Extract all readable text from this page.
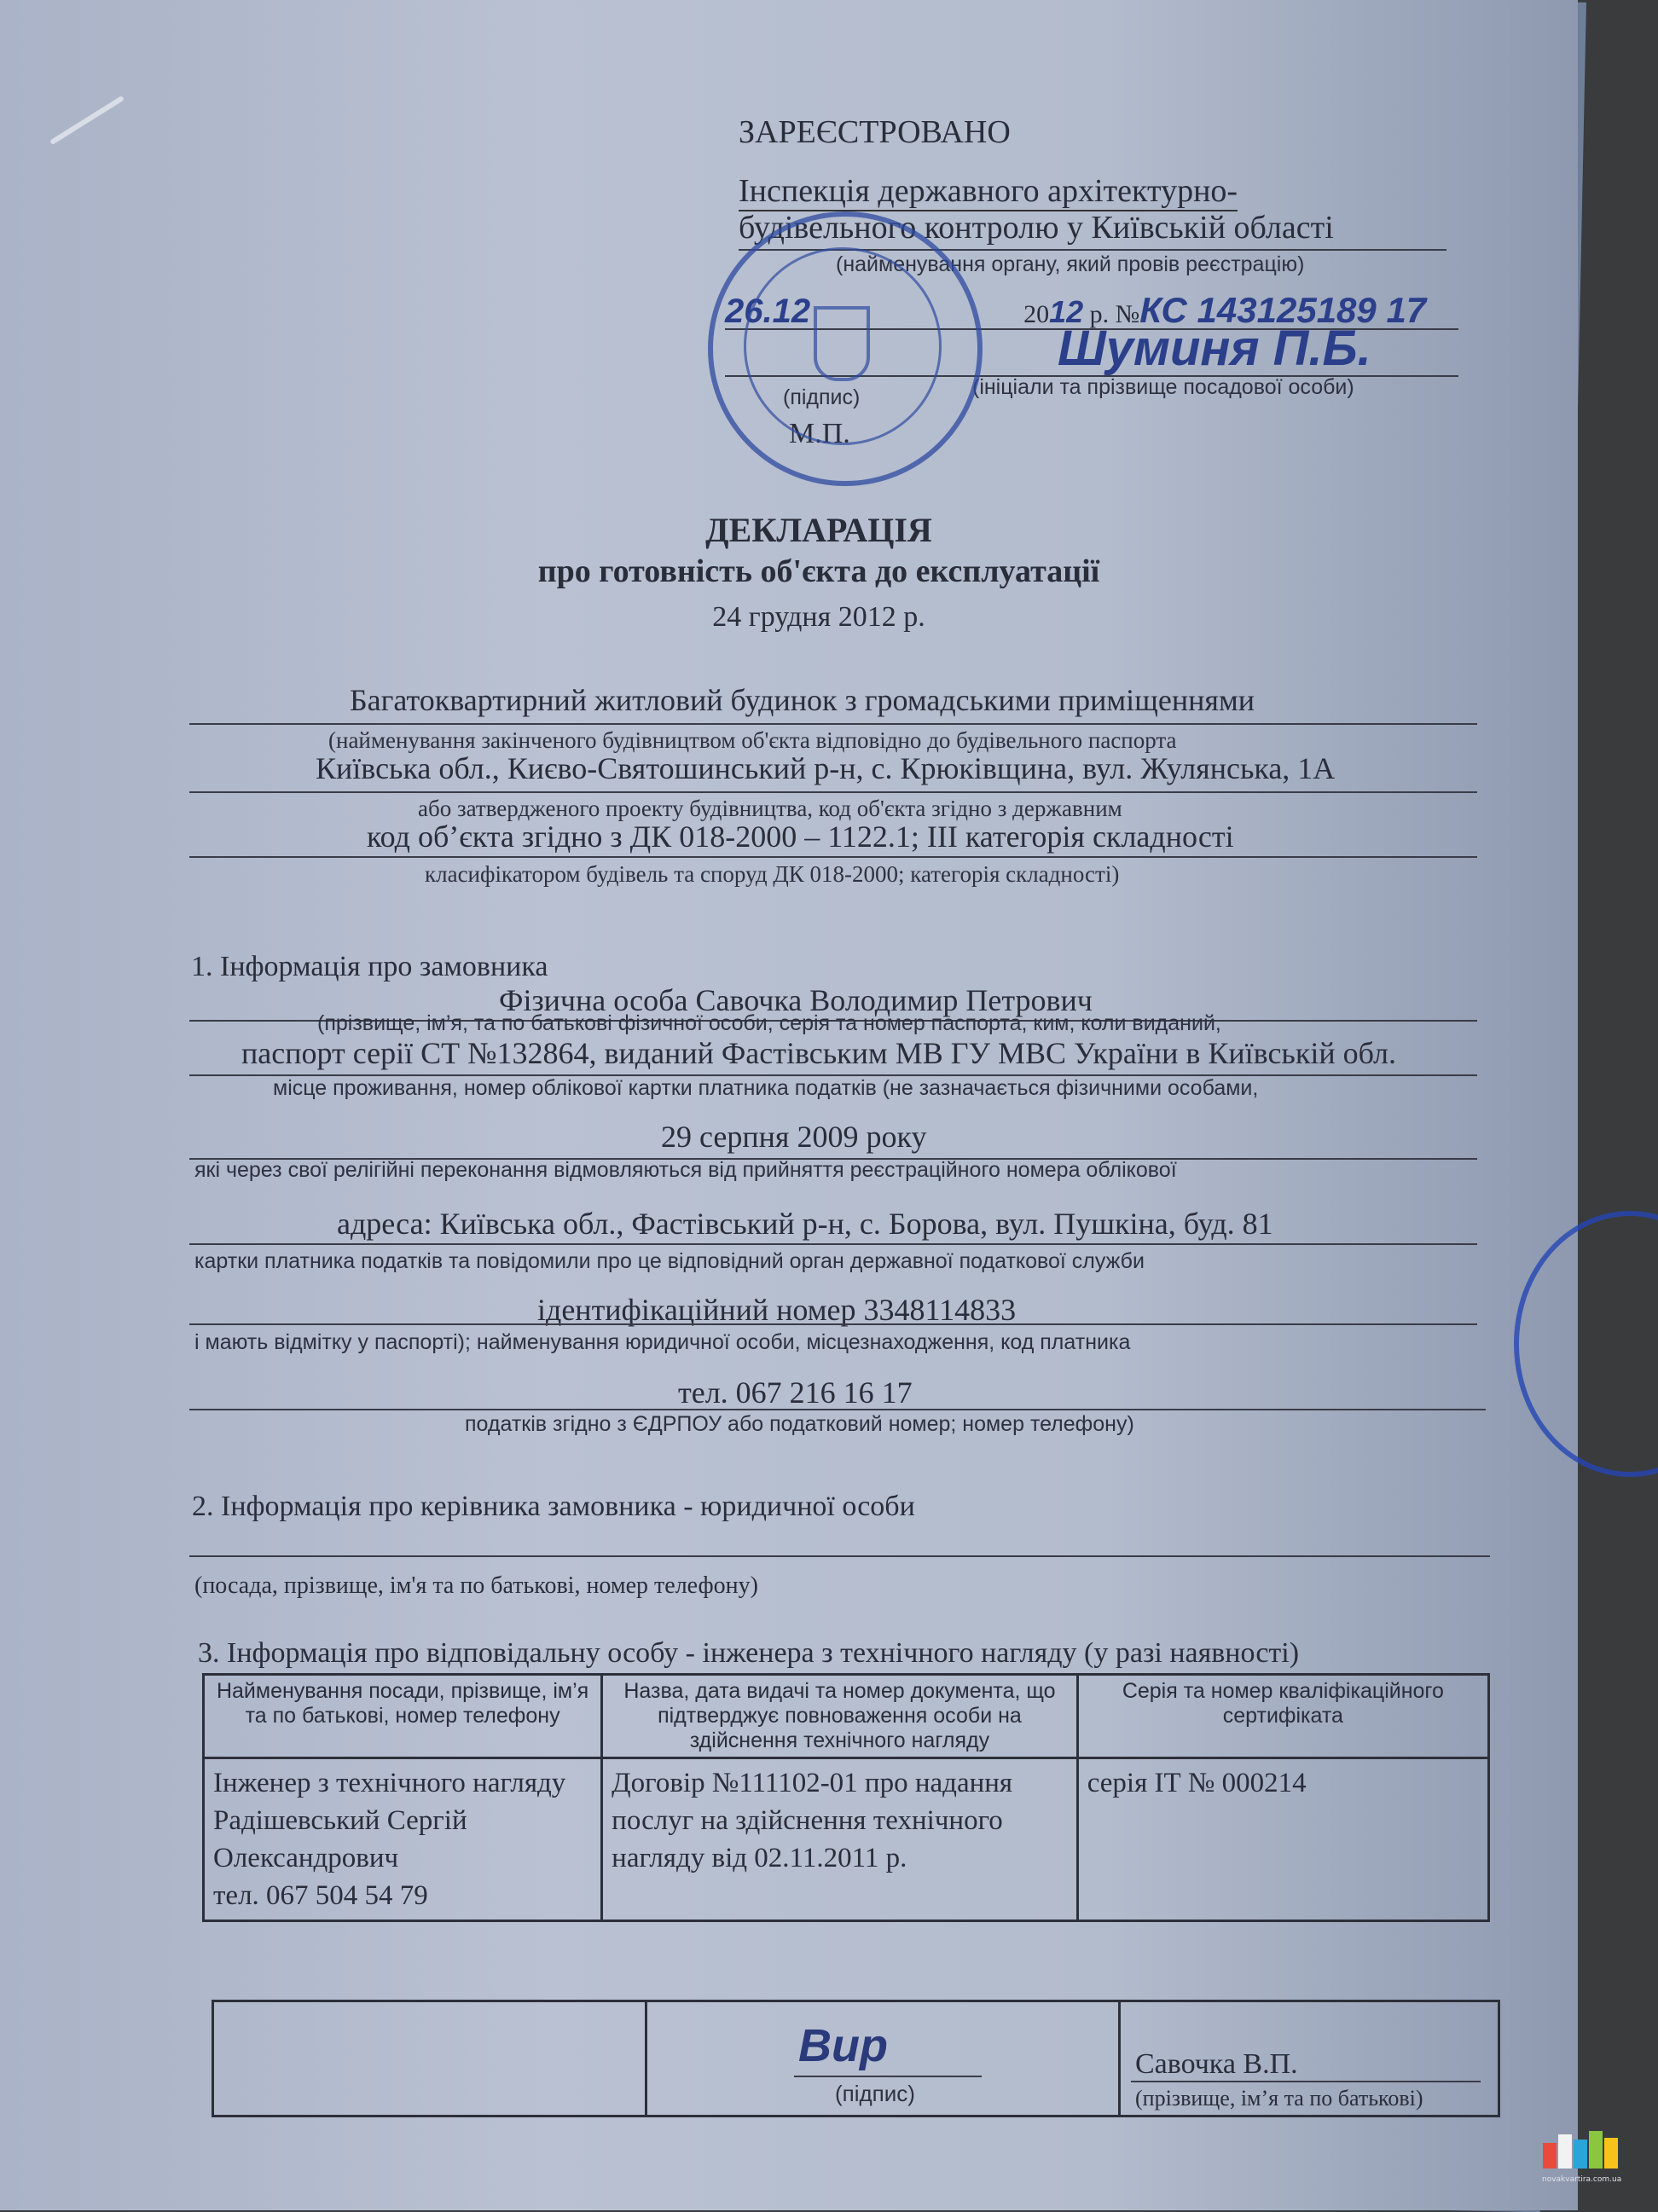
ЗАРЕЄСТРОВАНО
Інспекція державного архітектурно-
будівельного контролю у Київській області
(найменування органу, який провів реєстрацію)
26.12	2012 р. №КС 143125189 17
Шуминя П.Б.
(підпис)	(ініціали та прізвище посадової особи)
М.П.
ДЕКЛАРАЦІЯ
про готовність об'єкта до експлуатації
24 грудня 2012 р.
Багатоквартирний житловий будинок з громадськими приміщеннями
(найменування закінченого будівництвом об'єкта відповідно до будівельного паспорта
Київська обл., Києво-Святошинський р-н, с. Крюківщина, вул. Жулянська, 1А
або затвердженого проекту будівництва, код об'єкта згідно з державним
код об’єкта згідно з ДК 018-2000 – 1122.1; ІІІ категорія складності
класифікатором будівель та споруд ДК 018-2000; категорія складності)
1. Інформація про замовника
Фізична особа Савочка Володимир Петрович
(прізвище, ім’я, та по батькові фізичної особи, серія та номер паспорта, ким, коли виданий,
паспорт серії СТ №132864, виданий Фастівським МВ ГУ МВС України в Київській обл.
місце проживання, номер облікової картки платника податків (не зазначається фізичними особами,
29 серпня 2009 року
які через свої релігійні переконання відмовляються від прийняття реєстраційного номера облікової
адреса: Київська обл., Фастівський р-н, с. Борова, вул. Пушкіна, буд. 81
картки платника податків та повідомили про це відповідний орган державної податкової служби
ідентифікаційний номер 3348114833
і мають відмітку у паспорті); найменування юридичної особи, місцезнаходження, код платника
тел. 067 216 16 17
податків згідно з ЄДРПОУ або податковий номер; номер телефону)
2. Інформація про керівника замовника - юридичної особи
(посада, прізвище, ім'я та по батькові, номер телефону)
3. Інформація про відповідальну особу - інженера з технічного нагляду (у разі наявності)
Найменування посади, прізвище, ім’я та по батькові, номер телефону	Назва, дата видачі та номер документа, що підтверджує повноваження особи на здійснення технічного нагляду	Серія та номер кваліфікаційного сертифіката

Інженер з технічного нагляду
Радішевський Сергій
Олександрович
тел. 067 504 54 79	Договір №111102-01 про надання послуг на здійснення технічного нагляду від 02.11.2011 р.	серія ІТ № 000214
Вир
(підпис)
Савочка В.П.
(прізвище, ім’я та по батькові)
novakvartira.com.ua
